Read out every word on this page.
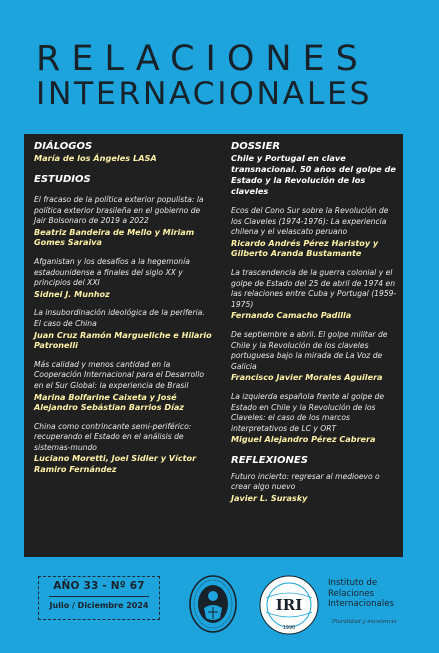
RELACIONES
INTERNACIONALES
DIÁLOGOS
María de los Ángeles LASA
ESTUDIOS
El fracaso de la política exterior populista: la política exterior brasileña en el gobierno de Jair Bolsonaro de 2019 a 2022
Beatriz Bandeira de Mello y Miriam Gomes Saraiva
Afganistan y los desafíos a la hegemonía estadounidense a finales del siglo XX y principios del XXI
Sidnei J. Munhoz
La insubordinación ideológica de la periferia. El caso de China
Juan Cruz Ramón Margueliche e Hilario Patronelli
Más calidad y menos cantidad en la Cooperación Internacional para el Desarrollo en el Sur Global: la experiencia de Brasil
Marina Bolfarine Caixeta y José Alejandro Sebástian Barrios Díaz
China como contrincante semi-periférico: recuperando el Estado en el análisis de sistemas-mundo
Luciano Moretti, Joel Sidler y Víctor Ramiro Fernández
DOSSIER
Chile y Portugal en clave transnacional. 50 años del golpe de Estado y la Revolución de los claveles
Ecos del Cono Sur sobre la Revolución de los Claveles (1974-1976): La experiencia chilena y el velascato peruano
Ricardo Andrés Pérez Haristoy y Gilberto Aranda Bustamante
La trascendencia de la guerra colonial y el golpe de Estado del 25 de abril de 1974 en las relaciones entre Cuba y Portugal (1959-1975)
Fernando Camacho Padilla
De septiembre a abril. El golpe militar de Chile y la Revolución de los claveles portuguesa bajo la mirada de La Voz de Galicia
Francisco Javier Morales Aguilera
La izquierda española frente al golpe de Estado en Chile y la Revolución de los Claveles: el caso de los marcos interpretativos de LC y ORT
Miguel Alejandro Pérez Cabrera
REFLEXIONES
Futuro incierto: regresar al medioevo o crear algo nuevo
Javier L. Surasky
AÑO 33 - Nº 67
Julio / Diciembre 2024	IRI
1990
Instituto de
Relaciones
Internacionales
Pluralidad y excelencia
